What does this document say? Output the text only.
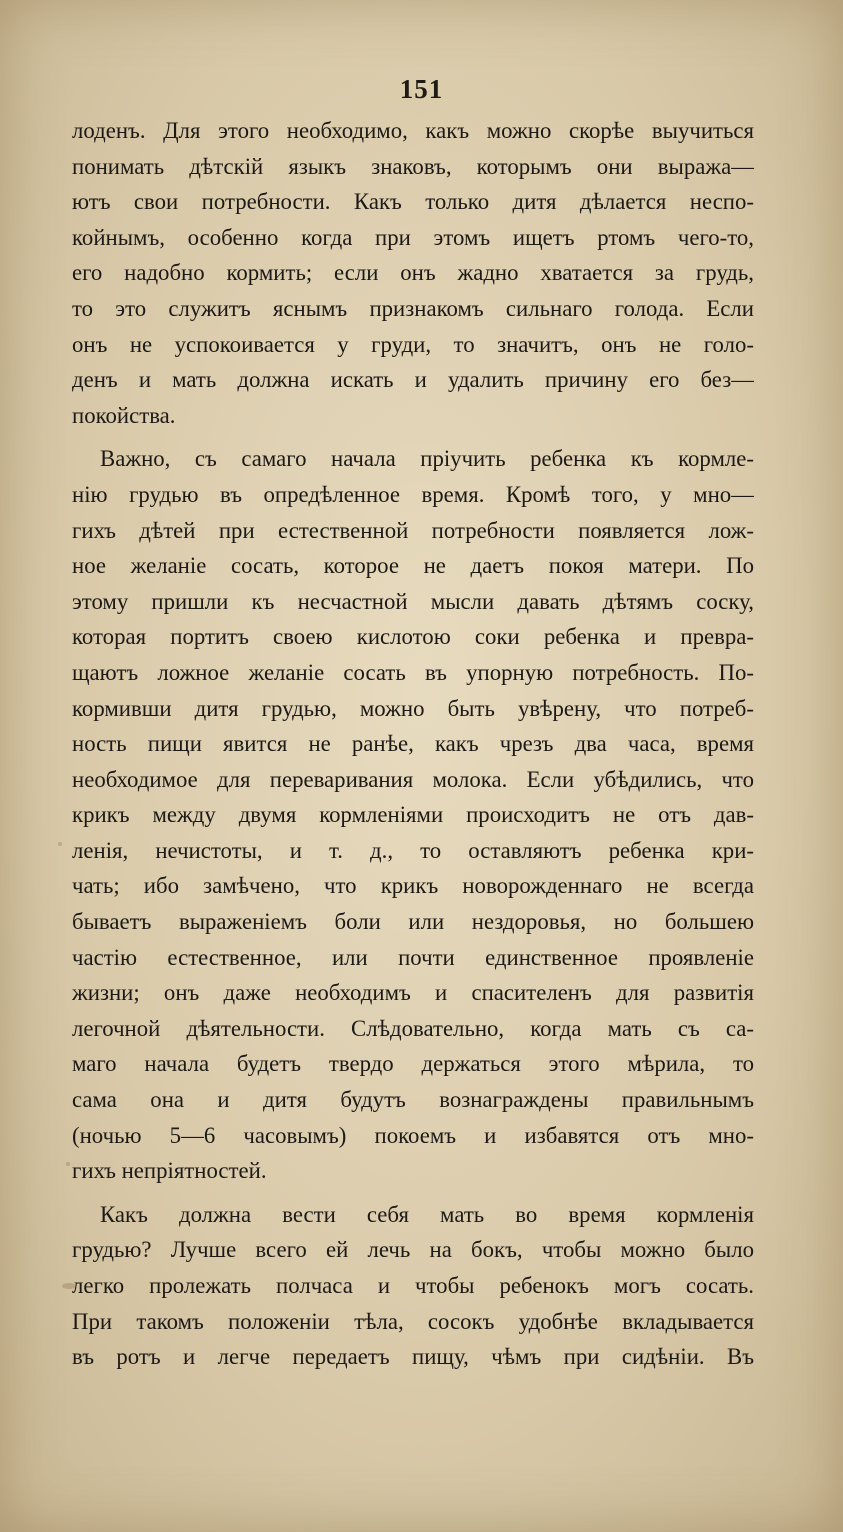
151
лоденъ. Для этого необходимо, какъ можно скорѣе выучиться
понимать дѣтскій языкъ знаковъ, которымъ они выража—
ютъ свои потребности. Какъ только дитя дѣлается неспо-
койнымъ, особенно когда при этомъ ищетъ ртомъ чего-то,
его надобно кормить; если онъ жадно хватается за грудь,
то это служитъ яснымъ признакомъ сильнаго голода. Если
онъ не успокоивается у груди, то значитъ, онъ не голо-
денъ и мать должна искать и удалить причину его без—
покойства.
Важно, съ самаго начала пріучить ребенка къ кормле-
нію грудью въ опредѣленное время. Кромѣ того, у мно—
гихъ дѣтей при естественной потребности появляется лож-
ное желаніе сосать, которое не даетъ покоя матери. По
этому пришли къ несчастной мысли давать дѣтямъ соску,
которая портитъ своею кислотою соки ребенка и превра-
щаютъ ложное желаніе сосать въ упорную потребность. По-
кормивши дитя грудью, можно быть увѣрену, что потреб-
ность пищи явится не ранѣе, какъ чрезъ два часа, время
необходимое для переваривания молока. Если убѣдились, что
крикъ между двумя кормленіями происходитъ не отъ дав-
ленія, нечистоты, и т. д., то оставляютъ ребенка кри-
чать; ибо замѣчено, что крикъ новорожденнаго не всегда
бываетъ выраженіемъ боли или нездоровья, но большею
частію естественное, или почти единственное проявленіе
жизни; онъ даже необходимъ и спасителенъ для развитія
легочной дѣятельности. Слѣдовательно, когда мать съ са-
маго начала будетъ твердо держаться этого мѣрила, то
сама она и дитя будутъ вознаграждены правильнымъ
(ночью 5—6 часовымъ) покоемъ и избавятся отъ мно-
гихъ непріятностей.
Какъ должна вести себя мать во время кормленія
грудью? Лучше всего ей лечь на бокъ, чтобы можно было
легко пролежать полчаса и чтобы ребенокъ могъ сосать.
При такомъ положеніи тѣла, сосокъ удобнѣе вкладывается
въ ротъ и легче передаетъ пищу, чѣмъ при сидѣніи. Въ
